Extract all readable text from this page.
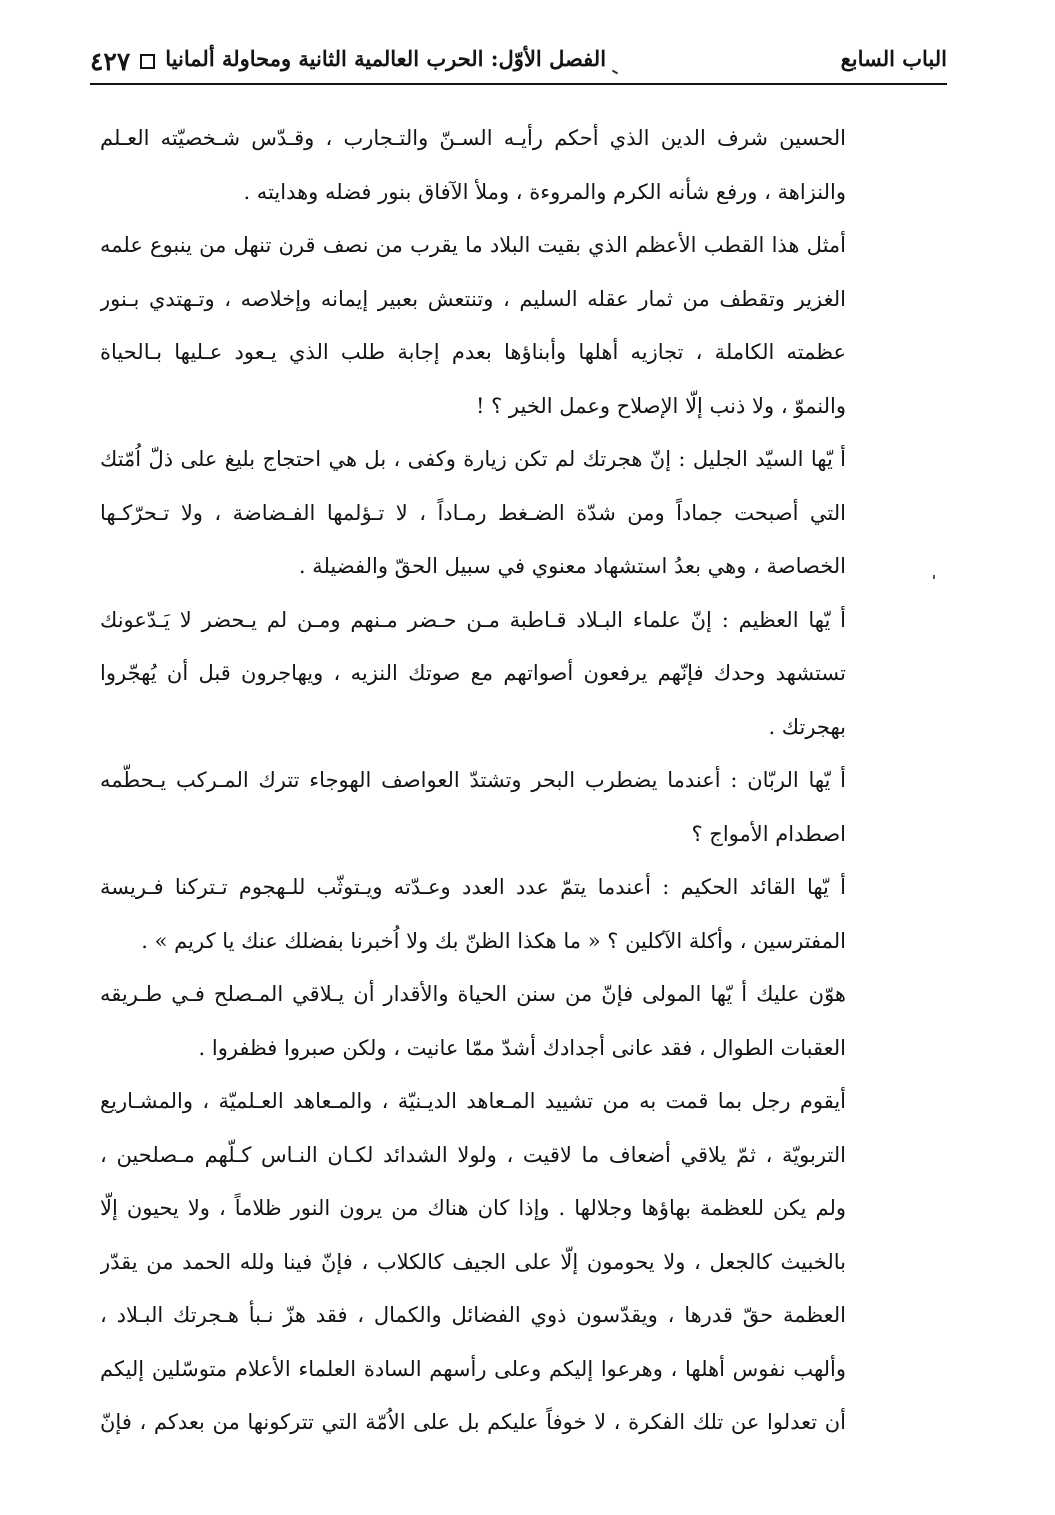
الباب السابع
الفصل الأوّل: الحرب العالمية الثانية ومحاولة ألمانيا٤٢٧
الحسين شرف الدين الذي أحكم رأيـه السـنّ والتـجارب ، وقـدّس شـخصيّته العـلم
والنزاهة ، ورفع شأنه الكرم والمروءة ، وملأ الآفاق بنور فضله وهدايته .
أمثل هذا القطب الأعظم الذي بقيت البلاد ما يقرب من نصف قرن تنهل من ينبوع علمه
الغزير وتقطف من ثمار عقله السليم ، وتنتعش بعبير إيمانه وإخلاصه ، وتـهتدي بـنور
عظمته الكاملة ، تجازيه أهلها وأبناؤها بعدم إجابة طلب الذي يـعود عـليها بـالحياة
والنموّ ، ولا ذنب إلّا الإصلاح وعمل الخير ؟ !
أ يّها السيّد الجليل : إنّ هجرتك لم تكن زيارة وكفى ، بل هي احتجاج بليغ على ذلّ اُمّتك
التي أصبحت جماداً ومن شدّة الضـغط رمـاداً ، لا تـؤلمها الفـضاضة ، ولا تـحرّكـها
الخصاصة ، وهي بعدُ استشهاد معنوي في سبيل الحقّ والفضيلة .
أ يّها العظيم : إنّ علماء البـلاد قـاطبة مـن حـضر مـنهم ومـن لم يـحضر لا يَـدّعونك
تستشهد وحدك فإنّهم يرفعون أصواتهم مع صوتك النزيه ، ويهاجرون قبل أن يُهجّروا
بهجرتك .
أ يّها الربّان : أعندما يضطرب البحر وتشتدّ العواصف الهوجاء تترك المـركب يـحطّمه
اصطدام الأمواج ؟
أ يّها القائد الحكيم : أعندما يتمّ عدد العدد وعـدّته ويـتوثّب للـهجوم تـتركنا فـريسة
المفترسين ، وأكلة الآكلين ؟ « ما هكذا الظنّ بك ولا اُخبرنا بفضلك عنك يا كريم » .
هوّن عليك أ يّها المولى فإنّ من سنن الحياة والأقدار أن يـلاقي المـصلح فـي طـريقه
العقبات الطوال ، فقد عانى أجدادك أشدّ ممّا عانيت ، ولكن صبروا فظفروا .
أيقوم رجل بما قمت به من تشييد المـعاهد الديـنيّة ، والمـعاهد العـلميّة ، والمشـاريع
التربويّة ، ثمّ يلاقي أضعاف ما لاقيت ، ولولا الشدائد لكـان النـاس كـلّهم مـصلحين ،
ولم يكن للعظمة بهاؤها وجلالها . وإذا كان هناك من يرون النور ظلاماً ، ولا يحيون إلّا
بالخبيث كالجعل ، ولا يحومون إلّا على الجيف كالكلاب ، فإنّ فينا ولله الحمد من يقدّر
العظمة حقّ قدرها ، ويقدّسون ذوي الفضائل والكمال ، فقد هزّ نـبأ هـجرتك البـلاد ،
وألهب نفوس أهلها ، وهرعوا إليكم وعلى رأسهم السادة العلماء الأعلام متوسّلين إليكم
أن تعدلوا عن تلك الفكرة ، لا خوفاً عليكم بل على الاُمّة التي تتركونها من بعدكم ، فإنّ
